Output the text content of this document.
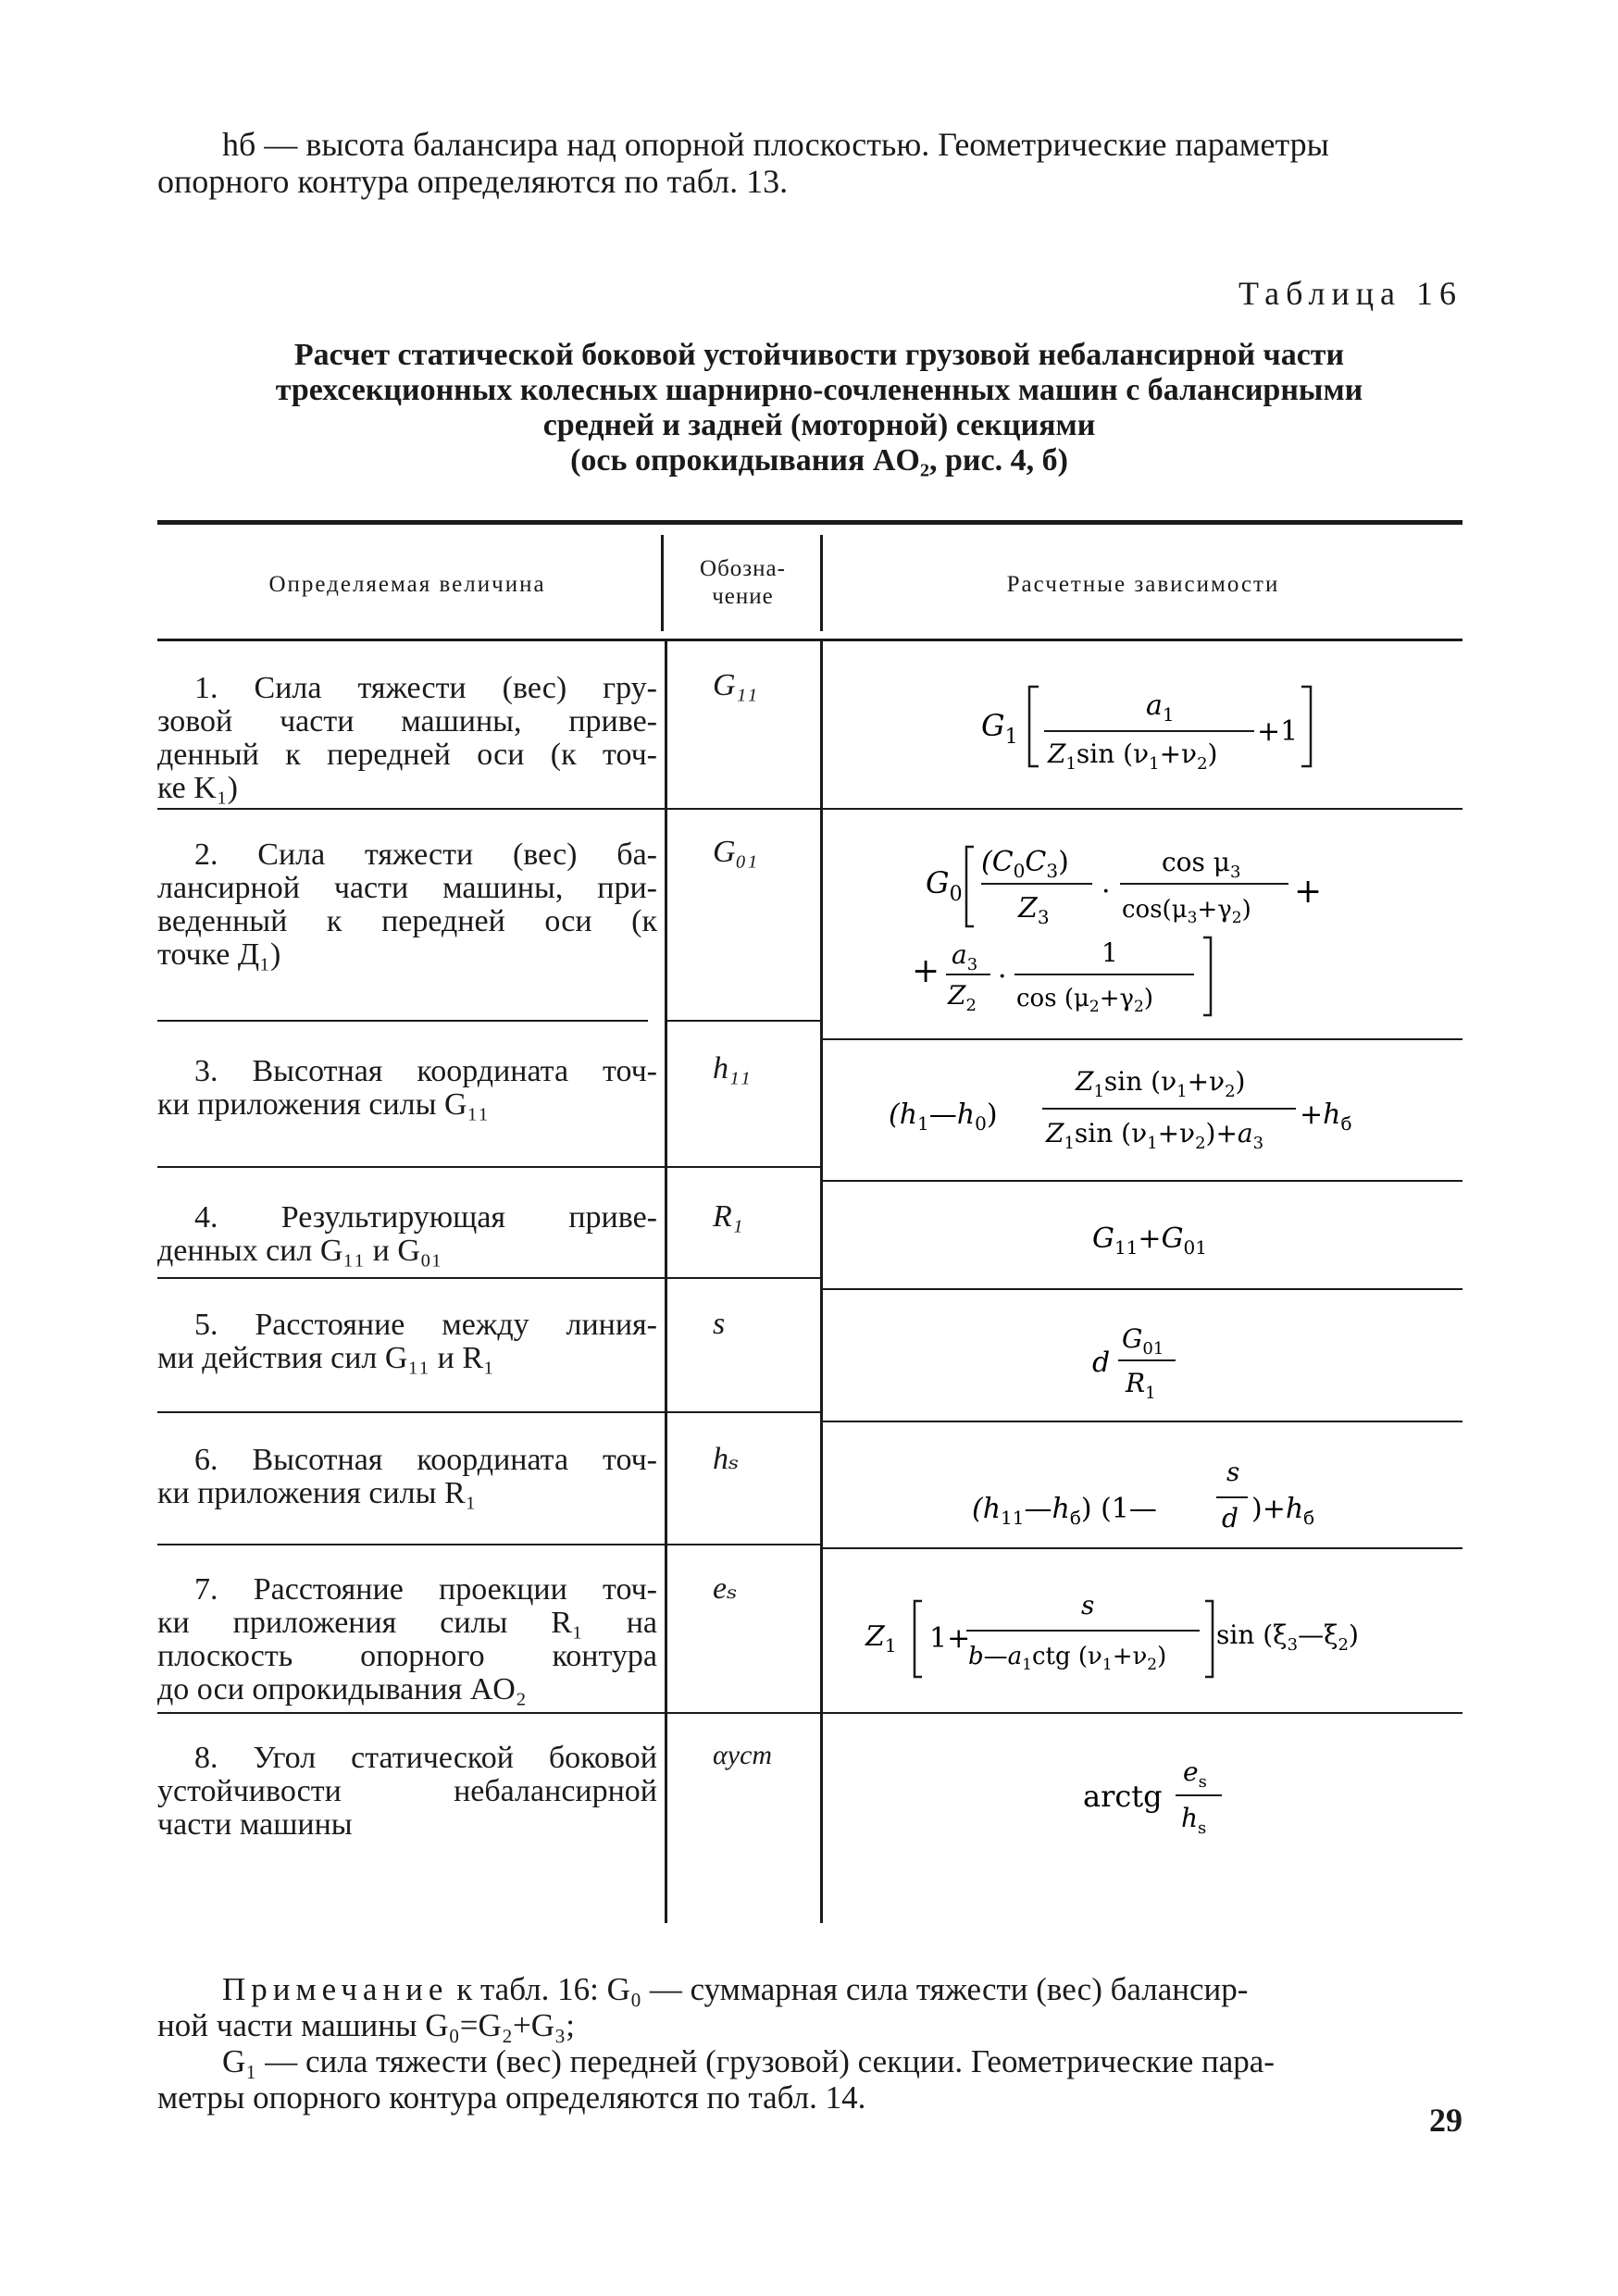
hб — высота балансира над опорной плоскостью. Геометрические параметры
опорного контура определяются по табл. 13.
Таблица 16
Расчет статической боковой устойчивости грузовой небалансирной части
трехсекционных колесных шарнирно-сочлененных машин с балансирными
средней и задней (моторной) секциями
(ось опрокидывания AO₂, рис. 4, б)
Определяемая величина
Обозна-
чение	Расчетные зависимости
1. Сила тяжести (вес) гру-
зовой части машины, приве-
денный к передней оси (к точ-
ке K₁)
G₁₁
$G_1$
$a_1$
$Z_1\sin$ $(\nu_1+\nu_2)$
+1
2. Сила тяжести (вес) ба-
лансирной части машины, при-
веденный к передней оси (к
точке Д₁)
G₀₁
$G_0$
$(C_0C_3)$
$Z_3$
·
$\cos \mu_3$
$\cos(\mu_3+\gamma_2)$ +
+ $a_3$
$Z_2$
·
1
$\cos (\mu_2+\gamma_2)$
3. Высотная координата точ-
ки приложения силы G₁₁
h₁₁
$(h_1—h_0)$
$Z_1\sin$ $(\nu_1+\nu_2)$
$Z_1\sin$ $(\nu_1+\nu_2)+a_3$
$+h_б$
4. Результирующая приве-
денных сил G₁₁ и G₀₁
R₁
$G_{11}+G_{01}$
5. Расстояние между линия-
ми действия сил G₁₁ и R₁
s
d
$G_{01}$
$R_1$
6. Высотная координата точ-
ки приложения силы R₁
hₛ
$(h_{11}—h_б)$ (1—
s
d )$+h_б$
7. Расстояние проекции точ-
ки приложения силы R₁ на
плоскость опорного контура
до оси опрокидывания AO₂
eₛ
$Z_1$ 1+
s
$b—a_1ctg$ $(\nu_1+\nu_2)$
$\sin (\xi_3—\xi_2)$
8. Угол статической боковой
устойчивости небалансирной
части машины
αуст
arctg
$e_s$
$h_s$
Примечание к табл. 16: G₀ — суммарная сила тяжести (вес) балансир-
ной части машины G₀=G₂+G₃;
G₁ — сила тяжести (вес) передней (грузовой) секции. Геометрические пара-
метры опорного контура определяются по табл. 14.
29
